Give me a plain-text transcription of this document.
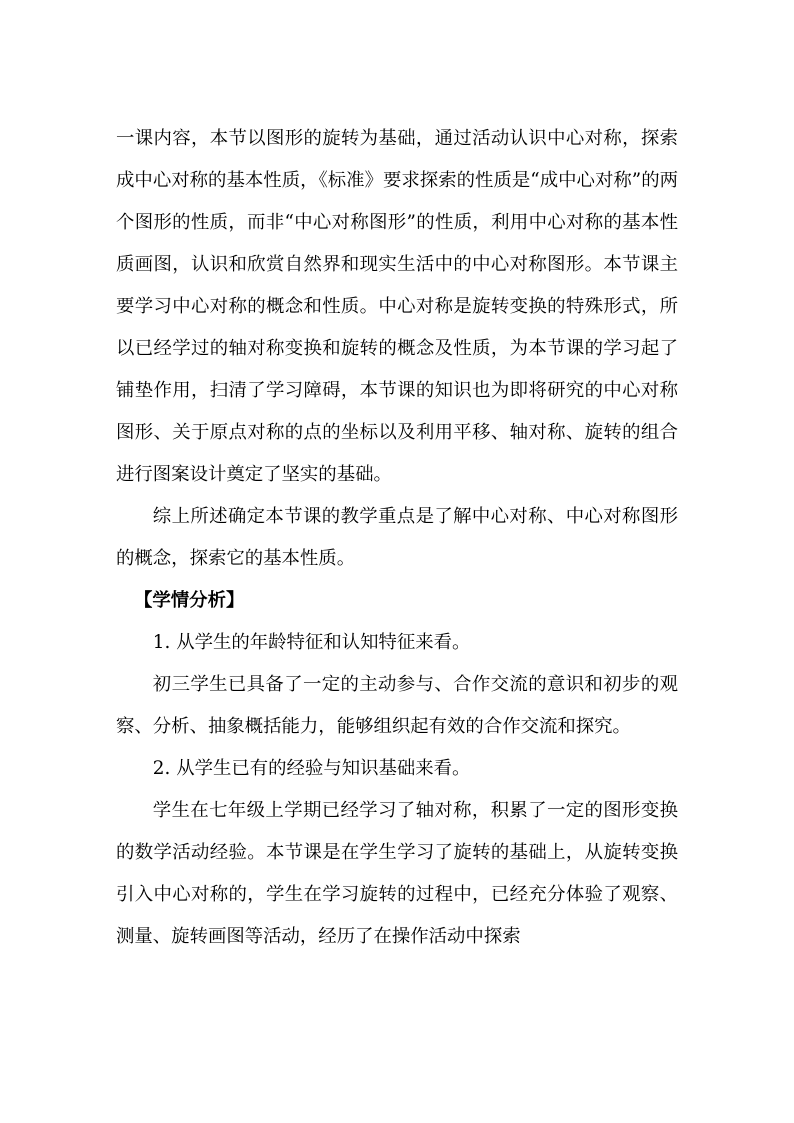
一课内容，本节以图形的旋转为基础，通过活动认识中心对称，探索成中心对称的基本性质，《标准》要求探索的性质是“成中心对称”的两个图形的性质，而非“中心对称图形”的性质，利用中心对称的基本性质画图，认识和欣赏自然界和现实生活中的中心对称图形。本节课主要学习中心对称的概念和性质。中心对称是旋转变换的特殊形式，所以已经学过的轴对称变换和旋转的概念及性质，为本节课的学习起了铺垫作用，扫清了学习障碍，本节课的知识也为即将研究的中心对称图形、关于原点对称的点的坐标以及利用平移、轴对称、旋转的组合进行图案设计奠定了坚实的基础。

综上所述确定本节课的教学重点是了解中心对称、中心对称图形的概念，探索它的基本性质。

【学情分析】

1. 从学生的年龄特征和认知特征来看。

初三学生已具备了一定的主动参与、合作交流的意识和初步的观察、分析、抽象概括能力，能够组织起有效的合作交流和探究。

2. 从学生已有的经验与知识基础来看。

学生在七年级上学期已经学习了轴对称，积累了一定的图形变换的数学活动经验。本节课是在学生学习了旋转的基础上，从旋转变换引入中心对称的，学生在学习旋转的过程中，已经充分体验了观察、测量、旋转画图等活动，经历了在操作活动中探索
